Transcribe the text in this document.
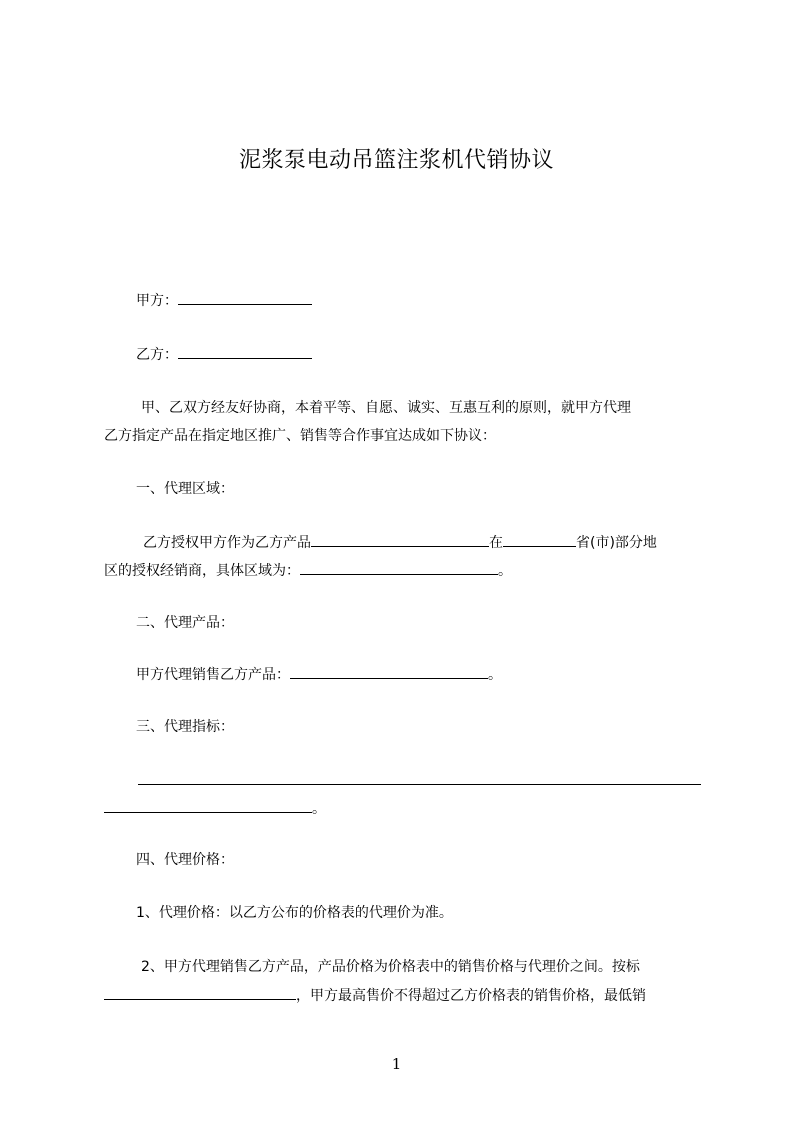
泥浆泵电动吊篮注浆机代销协议
甲方：
乙方：
甲、乙双方经友好协商，本着平等、自愿、诚实、互惠互利的原则，就甲方代理
乙方指定产品在指定地区推广、销售等合作事宜达成如下协议：
一、代理区域：
乙方授权甲方作为乙方产品	在	省(市)部分地
区的授权经销商，具体区域为：	。
二、代理产品：
甲方代理销售乙方产品：	。
三、代理指标：
。
四、代理价格：
1、代理价格：以乙方公布的价格表的代理价为准。
2、甲方代理销售乙方产品，产品价格为价格表中的销售价格与代理价之间。按标
，甲方最高售价不得超过乙方价格表的销售价格，最低销
1
